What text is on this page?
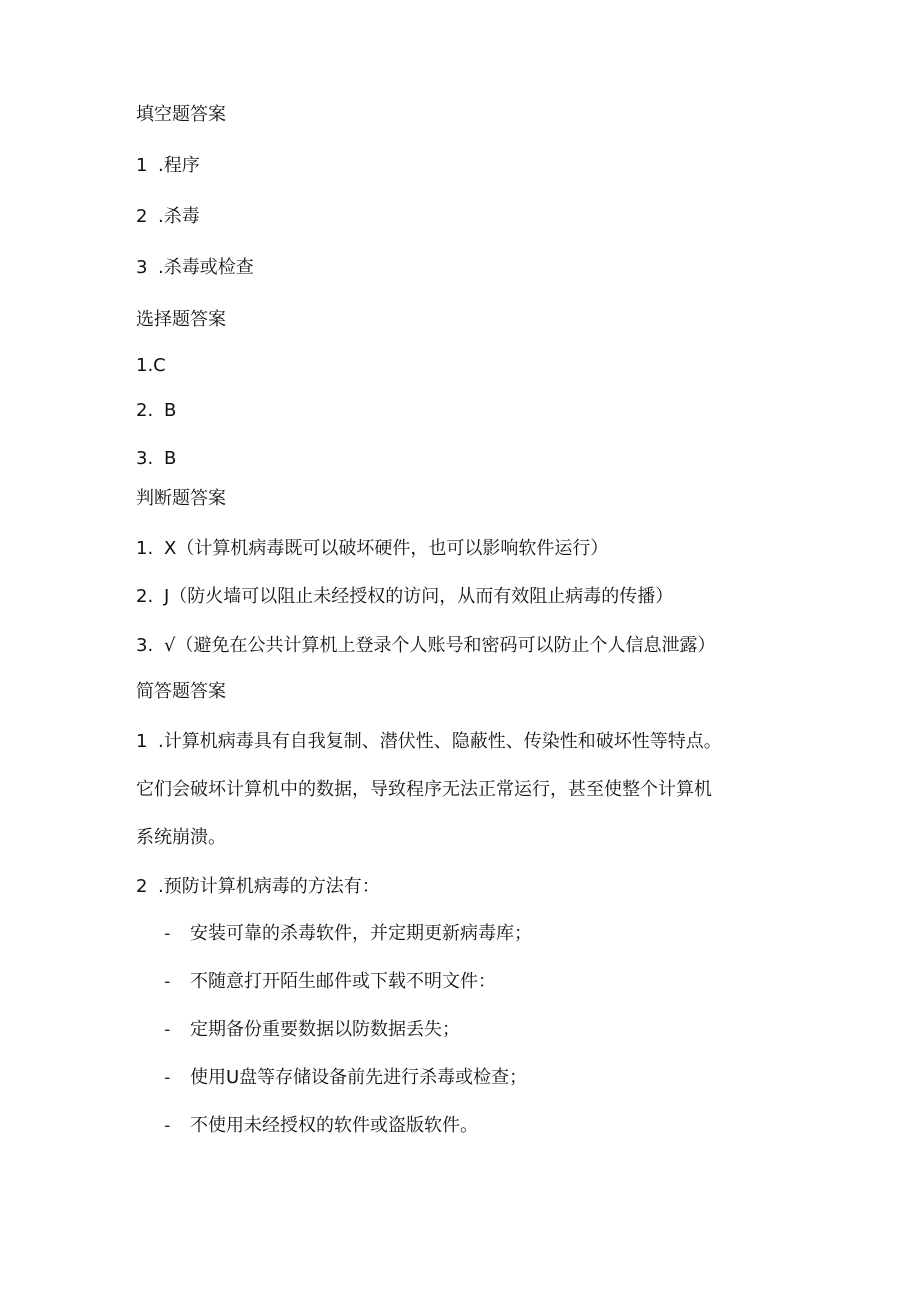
填空题答案
1 .程序
2 .杀毒
3 .杀毒或检查
选择题答案
1.C
2. B
3. B
判断题答案
1. X（计算机病毒既可以破坏硬件，也可以影响软件运行）
2. J（防火墙可以阻止未经授权的访问，从而有效阻止病毒的传播）
3. √（避免在公共计算机上登录个人账号和密码可以防止个人信息泄露）
简答题答案
1 .计算机病毒具有自我复制、潜伏性、隐蔽性、传染性和破坏性等特点。
它们会破坏计算机中的数据，导致程序无法正常运行，甚至使整个计算机
系统崩溃。
2 .预防计算机病毒的方法有：
- 安装可靠的杀毒软件，并定期更新病毒库；
- 不随意打开陌生邮件或下载不明文件：
- 定期备份重要数据以防数据丢失；
- 使用U盘等存储设备前先进行杀毒或检查；
- 不使用未经授权的软件或盗版软件。
